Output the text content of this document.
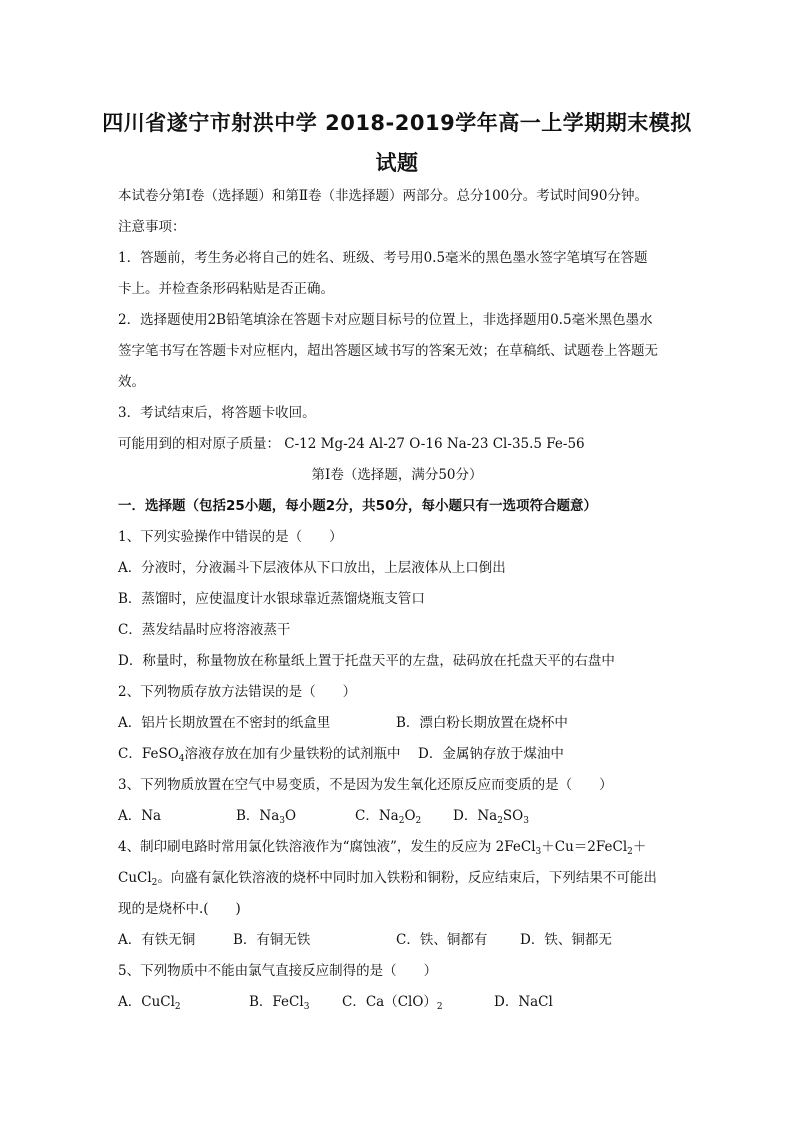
四川省遂宁市射洪中学 2018-2019学年高一上学期期末模拟
试题
本试卷分第Ⅰ卷（选择题）和第Ⅱ卷（非选择题）两部分。总分100分。考试时间90分钟。
注意事项：
1．答题前，考生务必将自己的姓名、班级、考号用0.5毫米的黑色墨水签字笔填写在答题
卡上。并检查条形码粘贴是否正确。
2．选择题使用2B铅笔填涂在答题卡对应题目标号的位置上，非选择题用0.5毫米黑色墨水
签字笔书写在答题卡对应框内，超出答题区域书写的答案无效；在草稿纸、试题卷上答题无
效。
3．考试结束后，将答题卡收回。
可能用到的相对原子质量： C-12 Mg-24 Al-27 O-16 Na-23 Cl-35.5 Fe-56
第Ⅰ卷（选择题，满分50分）
一．选择题（包括25小题，每小题2分，共50分，每小题只有一选项符合题意）
1、下列实验操作中错误的是（　　）
A．分液时，分液漏斗下层液体从下口放出，上层液体从上口倒出
B．蒸馏时，应使温度计水银球靠近蒸馏烧瓶支管口
C．蒸发结晶时应将溶液蒸干
D．称量时，称量物放在称量纸上置于托盘天平的左盘，砝码放在托盘天平的右盘中
2、下列物质存放方法错误的是（　　）
A．铝片长期放置在不密封的纸盒里	B．漂白粉长期放置在烧杯中
C．FeSO$_4$溶液存放在加有少量铁粉的试剂瓶中 D．金属钠存放于煤油中
3、下列物质放置在空气中易变质，不是因为发生氧化还原反应而变质的是（　　）
A．Na	B．$Na_3O$	C．$Na_2O_2$ D．$Na_2SO_3$
4、制印刷电路时常用氯化铁溶液作为“腐蚀液”，发生的反应为 2FeCl$_3$＋Cu＝2FeCl$_2$＋
CuCl$_2$。向盛有氯化铁溶液的烧杯中同时加入铁粉和铜粉，反应结束后，下列结果不可能出
现的是烧杯中.(　　)
A．有铁无铜	B．有铜无铁	C．铁、铜都有 D．铁、铜都无
5、下列物质中不能由氯气直接反应制得的是（　　）
A．CuCl$_2$	B．FeCl$_3$ C．$Ca(ClO)_2$	D．NaCl
